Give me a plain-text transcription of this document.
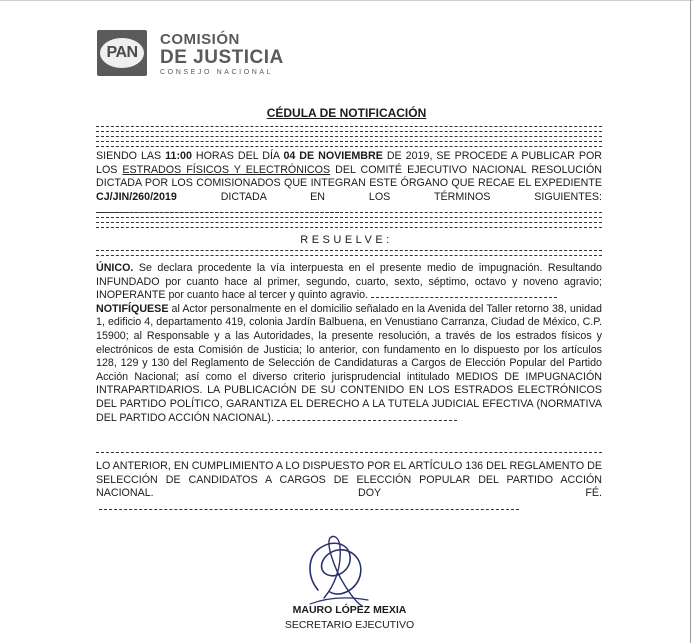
PAN
COMISIÓN
DE JUSTICIA
CONSEJO NACIONAL
CÉDULA DE NOTIFICACIÓN

SIENDO LAS 11:00 HORAS DEL DÍA 04 DE NOVIEMBRE DE 2019, SE PROCEDE A PUBLICAR POR LOS ESTRADOS FÍSICOS Y ELECTRÓNICOS DEL COMITÉ EJECUTIVO NACIONAL RESOLUCIÓN DICTADA POR LOS COMISIONADOS QUE INTEGRAN ESTE ÓRGANO QUE RECAE EL EXPEDIENTE CJ/JIN/260/2019 DICTADA EN LOS TÉRMINOS SIGUIENTES:

RESUELVE:

ÚNICO. Se declara procedente la vía interpuesta en el presente medio de impugnación. Resultando INFUNDADO por cuanto hace al primer, segundo, cuarto, sexto, séptimo, octavo y noveno agravio; INOPERANTE por cuanto hace al tercer y quinto agravio.

NOTIFÍQUESE al Actor personalmente en el domicilio señalado en la Avenida del Taller retorno 38, unidad 1, edificio 4, departamento 419, colonia Jardín Balbuena, en Venustiano Carranza, Ciudad de México, C.P. 15900; al Responsable y a las Autoridades, la presente resolución, a través de los estrados físicos y electrónicos de esta Comisión de Justicia; lo anterior, con fundamento en lo dispuesto por los artículos 128, 129 y 130 del Reglamento de Selección de Candidaturas a Cargos de Elección Popular del Partido Acción Nacional; así como el diverso criterio jurisprudencial intitulado MEDIOS DE IMPUGNACIÓN INTRAPARTIDARIOS. LA PUBLICACIÓN DE SU CONTENIDO EN LOS ESTRADOS ELECTRÓNICOS DEL PARTIDO POLÍTICO, GARANTIZA EL DERECHO A LA TUTELA JUDICIAL EFECTIVA (NORMATIVA DEL PARTIDO ACCIÓN NACIONAL).

LO ANTERIOR, EN CUMPLIMIENTO A LO DISPUESTO POR EL ARTÍCULO 136 DEL REGLAMENTO DE SELECCIÓN DE CANDIDATOS A CARGOS DE ELECCIÓN POPULAR DEL PARTIDO ACCIÓN NACIONAL. DOY FÉ.

MAURO LÓPEZ MEXIA
SECRETARIO EJECUTIVO
